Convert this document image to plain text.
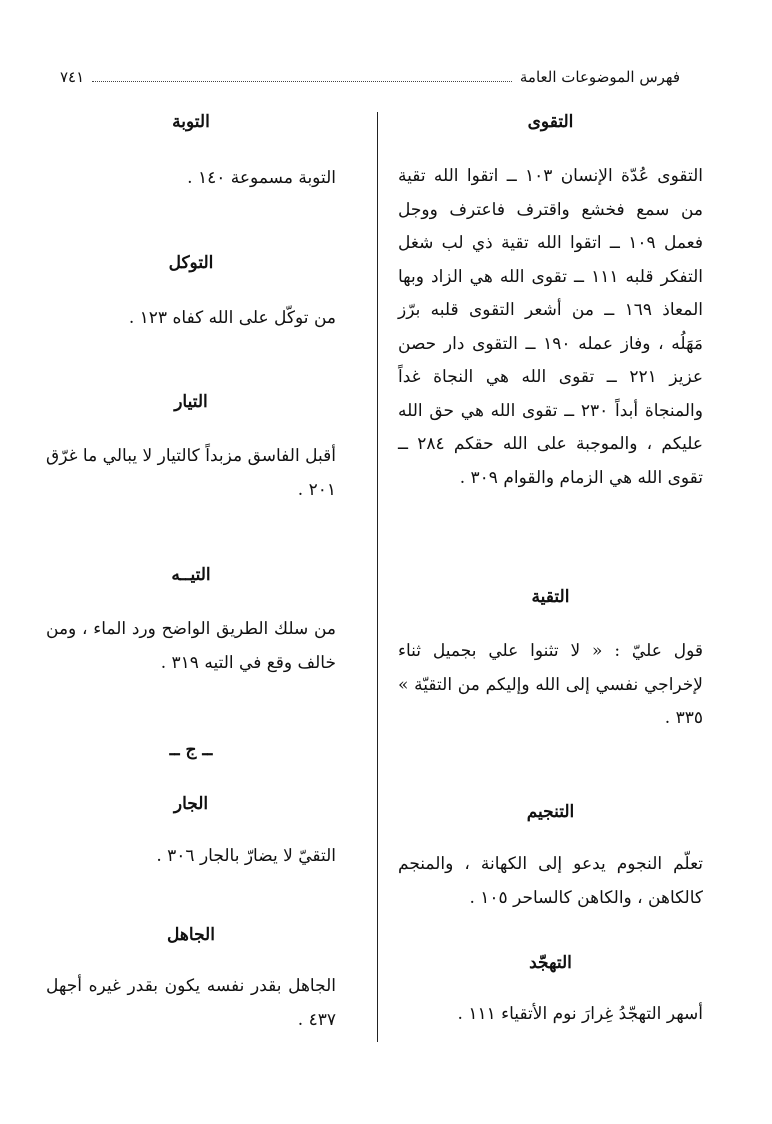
فهرس الموضوعات العامة
٧٤١
التقوى

التقوى عُدّة الإنسان ١٠٣ ــ اتقوا الله تقية من سمع فخشع واقترف فاعترف ووجل فعمل ١٠٩ ــ اتقوا الله تقية ذي لب شغل التفكر قلبه ١١١ ــ تقوى الله هي الزاد وبها المعاذ ١٦٩ ــ من أشعر التقوى قلبه برّز مَهَلُه ، وفاز عمله ١٩٠ ــ التقوى دار حصن عزيز ٢٢١ ــ تقوى الله هي النجاة غداً والمنجاة أبداً ٢٣٠ ــ تقوى الله هي حق الله عليكم ، والموجبة على الله حقكم ٢٨٤ ــ تقوى الله هي الزمام والقوام ٣٠٩ .

التقية

قول عليّ : « لا تثنوا علي بجميل ثناء لإخراجي نفسي إلى الله وإليكم من التقيّة » ٣٣٥ .

التنجيم

تعلّم النجوم يدعو إلى الكهانة ، والمنجم كالكاهن ، والكاهن كالساحر ١٠٥ .

التهجّد

أسهر التهجّدُ غِرارَ نوم الأتقياء ١١١ .

التوبة

التوبة مسموعة ١٤٠ .

التوكل

من توكّل على الله كفاه ١٢٣ .

التيار

أقبل الفاسق مزبداً كالتيار لا يبالي ما غرّق ٢٠١ .

التيــه

من سلك الطريق الواضح ورد الماء ، ومن خالف وقع في التيه ٣١٩ .

ــ ج ــ
الجار

التقيّ لا يضارّ بالجار ٣٠٦ .

الجاهل

الجاهل بقدر نفسه يكون بقدر غيره أجهل ٤٣٧ .
